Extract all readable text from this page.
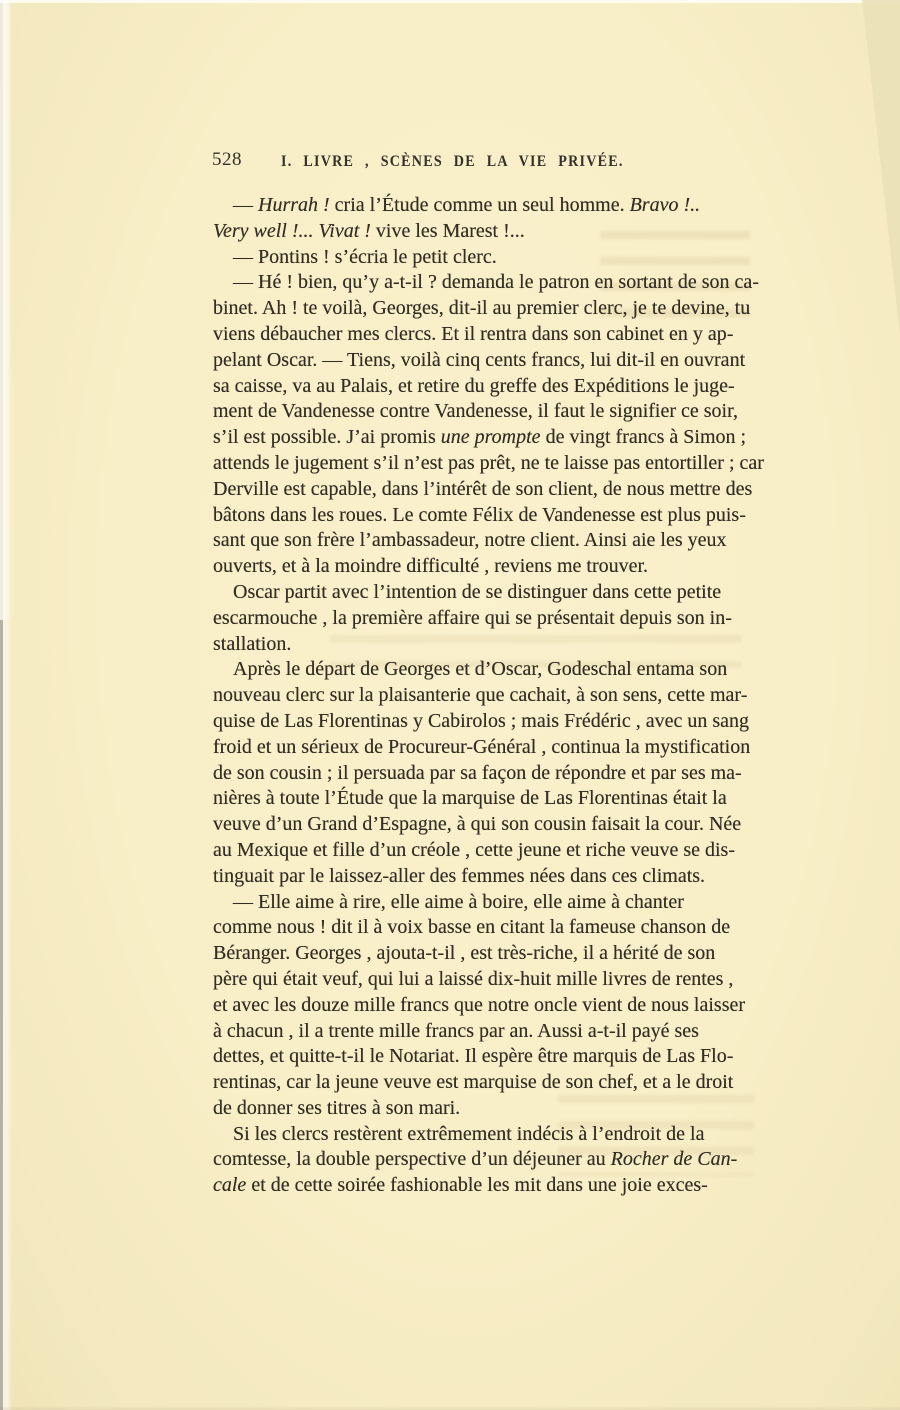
528 I. LIVRE , SCÈNES DE LA VIE PRIVÉE.
— Hurrah ! cria l’Étude comme un seul homme. Bravo !..
Very well !... Vivat ! vive les Marest !...
— Pontins ! s’écria le petit clerc.
— Hé ! bien, qu’y a-t-il ? demanda le patron en sortant de son ca-
binet. Ah ! te voilà, Georges, dit-il au premier clerc, je te devine, tu
viens débaucher mes clercs. Et il rentra dans son cabinet en y ap-
pelant Oscar. — Tiens, voilà cinq cents francs, lui dit-il en ouvrant
sa caisse, va au Palais, et retire du greffe des Expéditions le juge-
ment de Vandenesse contre Vandenesse, il faut le signifier ce soir,
s’il est possible. J’ai promis une prompte de vingt francs à Simon ;
attends le jugement s’il n’est pas prêt, ne te laisse pas entortiller ; car
Derville est capable, dans l’intérêt de son client, de nous mettre des
bâtons dans les roues. Le comte Félix de Vandenesse est plus puis-
sant que son frère l’ambassadeur, notre client. Ainsi aie les yeux
ouverts, et à la moindre difficulté , reviens me trouver.
Oscar partit avec l’intention de se distinguer dans cette petite
escarmouche , la première affaire qui se présentait depuis son in-
stallation.
Après le départ de Georges et d’Oscar, Godeschal entama son
nouveau clerc sur la plaisanterie que cachait, à son sens, cette mar-
quise de Las Florentinas y Cabirolos ; mais Frédéric , avec un sang
froid et un sérieux de Procureur-Général , continua la mystification
de son cousin ; il persuada par sa façon de répondre et par ses ma-
nières à toute l’Étude que la marquise de Las Florentinas était la
veuve d’un Grand d’Espagne, à qui son cousin faisait la cour. Née
au Mexique et fille d’un créole , cette jeune et riche veuve se dis-
tinguait par le laissez-aller des femmes nées dans ces climats.
— Elle aime à rire, elle aime à boire, elle aime à chanter
comme nous ! dit il à voix basse en citant la fameuse chanson de
Béranger. Georges , ajouta-t-il , est très-riche, il a hérité de son
père qui était veuf, qui lui a laissé dix-huit mille livres de rentes ,
et avec les douze mille francs que notre oncle vient de nous laisser
à chacun , il a trente mille francs par an. Aussi a-t-il payé ses
dettes, et quitte-t-il le Notariat. Il espère être marquis de Las Flo-
rentinas, car la jeune veuve est marquise de son chef, et a le droit
de donner ses titres à son mari.
Si les clercs restèrent extrêmement indécis à l’endroit de la
comtesse, la double perspective d’un déjeuner au Rocher de Can-
cale et de cette soirée fashionable les mit dans une joie exces-
